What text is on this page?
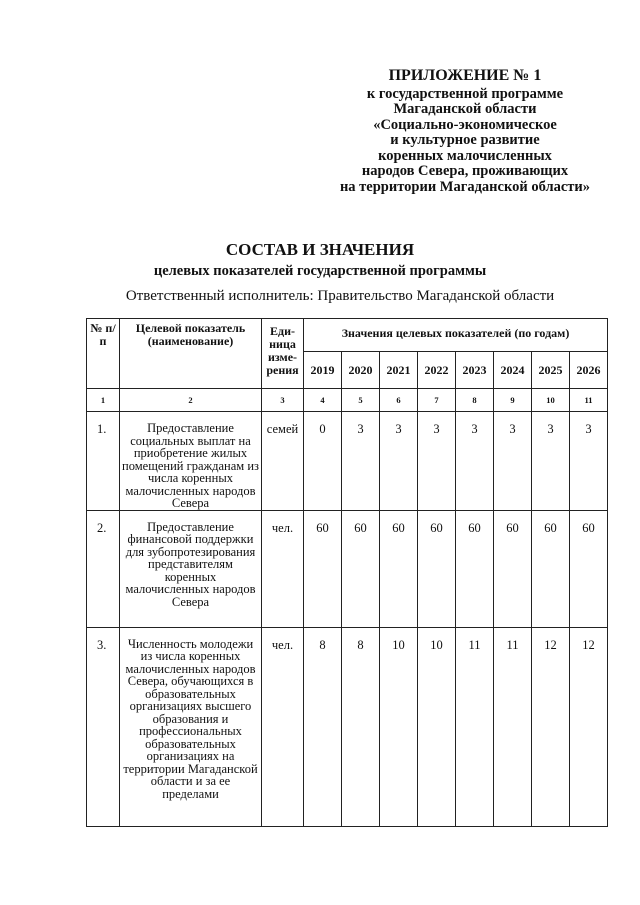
ПРИЛОЖЕНИЕ № 1
к государственной программе
Магаданской области
«Социально-экономическое
и культурное развитие
коренных малочисленных
народов Севера, проживающих
на территории Магаданской области»
СОСТАВ И ЗНАЧЕНИЯ
целевых показателей государственной программы
Ответственный исполнитель: Правительство Магаданской области
№ п/п	Целевой показатель (наименование)	Еди-ница изме-рения	Значения целевых показателей (по годам)							
			2019	2020	2021	2022	2023	2024	2025	2026
1	2	3	4	5	6	7	8	9	10	11
1.	Предоставление социальных выплат на приобретение жилых помещений гражданам из числа коренных малочисленных народов Севера	семей	0	3	3	3	3	3	3	3
2.	Предоставление финансовой поддержки для зубопротезирования представителям коренных малочисленных народов Севера	чел.	60	60	60	60	60	60	60	60
3.	Численность молодежи из числа коренных малочисленных народов Севера, обучающихся в образовательных организациях высшего образования и профессиональных образовательных организациях на территории Магаданской области и за ее пределами	чел.	8	8	10	10	11	11	12	12
